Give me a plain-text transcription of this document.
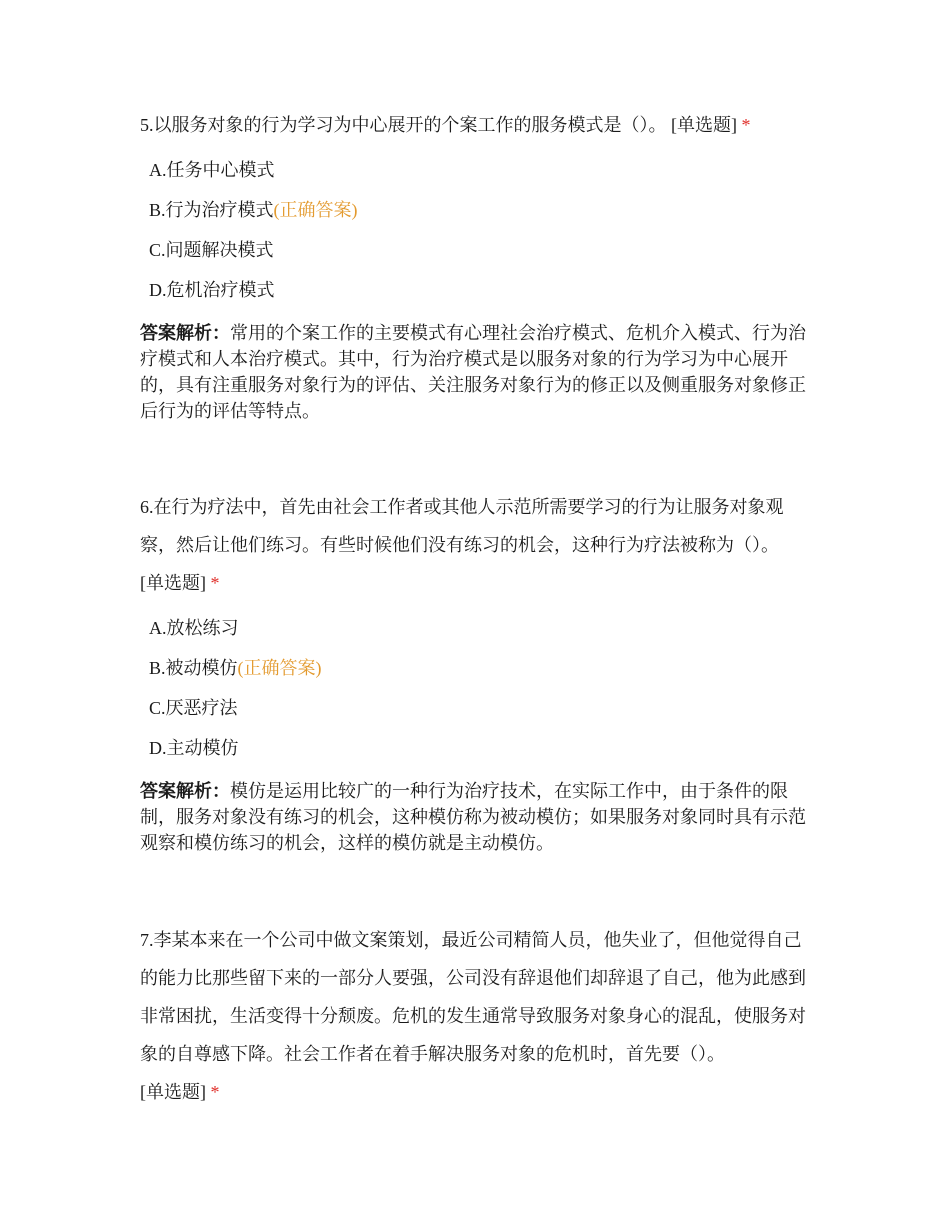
5.以服务对象的行为学习为中心展开的个案工作的服务模式是（）。 [单选题] *

A.任务中心模式
B.行为治疗模式(正确答案)
C.问题解决模式
D.危机治疗模式
答案解析：常用的个案工作的主要模式有心理社会治疗模式、危机介入模式、行为治疗模式和人本治疗模式。其中，行为治疗模式是以服务对象的行为学习为中心展开的，具有注重服务对象行为的评估、关注服务对象行为的修正以及侧重服务对象修正后行为的评估等特点。

6.在行为疗法中，首先由社会工作者或其他人示范所需要学习的行为让服务对象观察，然后让他们练习。有些时候他们没有练习的机会，这种行为疗法被称为（）。
[单选题] *

A.放松练习
B.被动模仿(正确答案)
C.厌恶疗法
D.主动模仿
答案解析：模仿是运用比较广的一种行为治疗技术，在实际工作中，由于条件的限制，服务对象没有练习的机会，这种模仿称为被动模仿；如果服务对象同时具有示范观察和模仿练习的机会，这样的模仿就是主动模仿。

7.李某本来在一个公司中做文案策划，最近公司精简人员，他失业了，但他觉得自己的能力比那些留下来的一部分人要强，公司没有辞退他们却辞退了自己，他为此感到非常困扰，生活变得十分颓废。危机的发生通常导致服务对象身心的混乱，使服务对象的自尊感下降。社会工作者在着手解决服务对象的危机时，首先要（）。
[单选题] *
